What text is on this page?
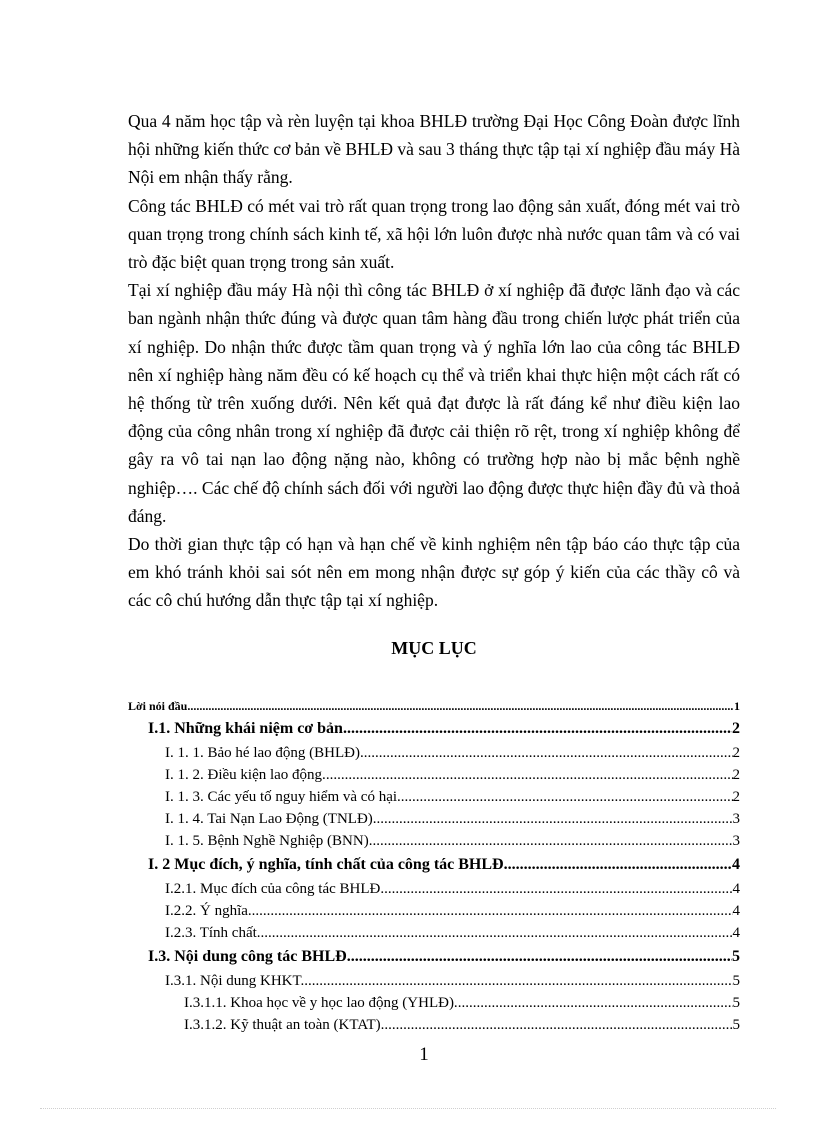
Qua 4 năm học tập và rèn luyện tại khoa BHLĐ trường Đại Học Công Đoàn được lĩnh hội những kiến thức cơ bản về BHLĐ và sau 3 tháng thực tập tại xí nghiệp đầu máy Hà Nội em nhận thấy rằng.

Công tác BHLĐ có mét vai trò rất quan trọng trong lao động sản xuất, đóng mét vai trò quan trọng trong chính sách kinh tế, xã hội lớn luôn được nhà nước quan tâm và có vai trò đặc biệt quan trọng trong sản xuất.

Tại xí nghiệp đầu máy Hà nội thì công tác BHLĐ ở xí nghiệp đã được lãnh đạo và các ban ngành nhận thức đúng và được quan tâm hàng đầu trong chiến lược phát triển của xí nghiệp. Do nhận thức được tầm quan trọng và ý nghĩa lớn lao của công tác BHLĐ nên xí nghiệp hàng năm đều có kế hoạch cụ thể và triển khai thực hiện một cách rất có hệ thống từ trên xuống dưới. Nên kết quả đạt được là rất đáng kể như điều kiện lao động của công nhân trong xí nghiệp đã được cải thiện rõ rệt, trong xí nghiệp không để gây ra vô tai nạn lao động nặng nào, không có trường hợp nào bị mắc bệnh nghề nghiệp…. Các chế độ chính sách đối với người lao động được thực hiện đầy đủ và thoả đáng.

Do thời gian thực tập có hạn và hạn chế về kinh nghiệm nên tập báo cáo thực tập của em khó tránh khỏi sai sót nên em mong nhận được sự góp ý kiến của các thầy cô và các cô chú hướng dẫn thực tập tại xí nghiệp.

MỤC LỤC
Lời nói đầu .....	1
I.1. Những khái niệm cơ bản. .....	2
I. 1. 1. Bảo hé lao động (BHLĐ). .....	2
I. 1. 2. Điều kiện lao động. .....	2
I. 1. 3. Các yếu tố nguy hiểm và có hại. .....	2
I. 1. 4. Tai Nạn Lao Động (TNLĐ). .....	3
I. 1. 5. Bệnh Nghề Nghiệp (BNN). .....	3
I. 2 Mục đích, ý nghĩa, tính chất của công tác BHLĐ. .....	4
I.2.1. Mục đích của công tác BHLĐ. .....	4
I.2.2. Ý nghĩa. .....	4
I.2.3. Tính chất. .....	4
I.3. Nội dung công tác BHLĐ. .....	5
I.3.1. Nội dung KHKT. .....	5
I.3.1.1. Khoa học về y học lao động (YHLĐ). .....	5
I.3.1.2. Kỹ thuật an toàn (KTAT). .....	5
1
